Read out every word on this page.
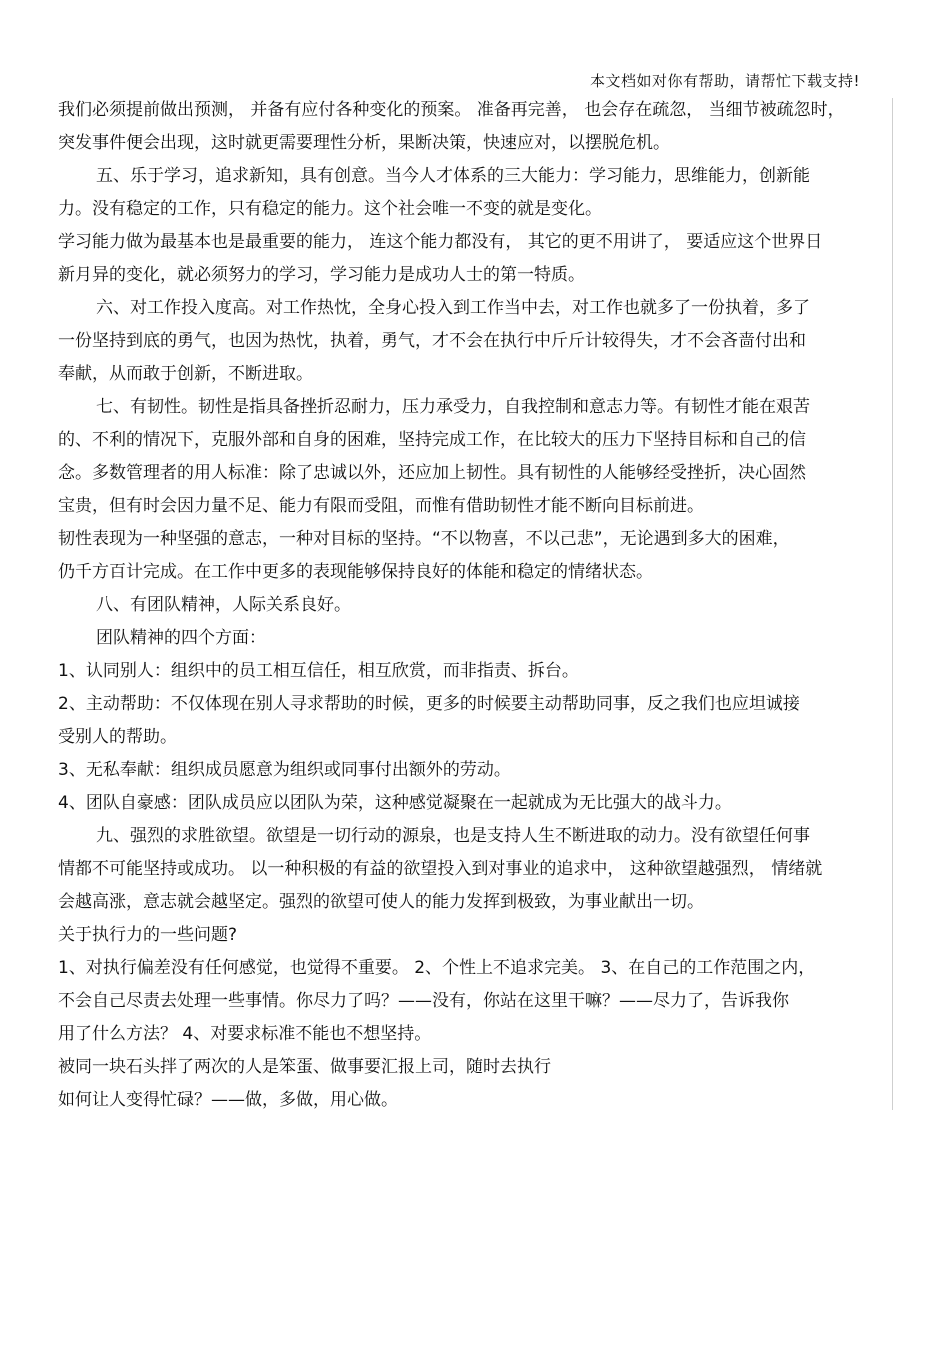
本文档如对你有帮助，请帮忙下载支持!
我们必须提前做出预测， 并备有应付各种变化的预案。 准备再完善， 也会存在疏忽， 当细节被疏忽时，
突发事件便会出现，这时就更需要理性分析，果断决策，快速应对，以摆脱危机。
五、乐于学习，追求新知，具有创意。当今人才体系的三大能力：学习能力，思维能力，创新能
力。没有稳定的工作，只有稳定的能力。这个社会唯一不变的就是变化。
学习能力做为最基本也是最重要的能力， 连这个能力都没有， 其它的更不用讲了， 要适应这个世界日
新月异的变化，就必须努力的学习，学习能力是成功人士的第一特质。
六、对工作投入度高。对工作热忱，全身心投入到工作当中去，对工作也就多了一份执着，多了
一份坚持到底的勇气，也因为热忱，执着，勇气，才不会在执行中斤斤计较得失，才不会吝啬付出和
奉献，从而敢于创新，不断进取。
七、有韧性。韧性是指具备挫折忍耐力，压力承受力，自我控制和意志力等。有韧性才能在艰苦
的、不利的情况下，克服外部和自身的困难，坚持完成工作，在比较大的压力下坚持目标和自己的信
念。多数管理者的用人标准：除了忠诚以外，还应加上韧性。具有韧性的人能够经受挫折，决心固然
宝贵，但有时会因力量不足、能力有限而受阻，而惟有借助韧性才能不断向目标前进。
韧性表现为一种坚强的意志，一种对目标的坚持。“不以物喜，不以己悲”，无论遇到多大的困难，
仍千方百计完成。在工作中更多的表现能够保持良好的体能和稳定的情绪状态。
八、有团队精神，人际关系良好。
团队精神的四个方面：
1、认同别人：组织中的员工相互信任，相互欣赏，而非指责、拆台。
2、主动帮助：不仅体现在别人寻求帮助的时候，更多的时候要主动帮助同事，反之我们也应坦诚接
受别人的帮助。
3、无私奉献：组织成员愿意为组织或同事付出额外的劳动。
4、团队自豪感：团队成员应以团队为荣，这种感觉凝聚在一起就成为无比强大的战斗力。
九、强烈的求胜欲望。欲望是一切行动的源泉，也是支持人生不断进取的动力。没有欲望任何事
情都不可能坚持或成功。 以一种积极的有益的欲望投入到对事业的追求中， 这种欲望越强烈， 情绪就
会越高涨，意志就会越坚定。强烈的欲望可使人的能力发挥到极致，为事业献出一切。
关于执行力的一些问题?
1、对执行偏差没有任何感觉，也觉得不重要。 2、个性上不追求完美。 3、在自己的工作范围之内，
不会自己尽责去处理一些事情。你尽力了吗？——没有，你站在这里干嘛？——尽力了，告诉我你
用了什么方法？ 4、对要求标准不能也不想坚持。
被同一块石头拌了两次的人是笨蛋、做事要汇报上司，随时去执行
如何让人变得忙碌？——做，多做，用心做。
